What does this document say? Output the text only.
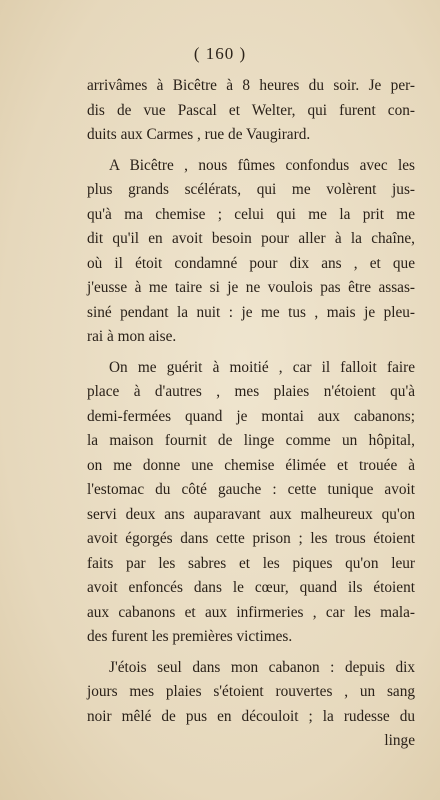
( 160 )
arrivâmes à Bicêtre à 8 heures du soir. Je per-
dis de vue Pascal et Welter, qui furent con-
duits aux Carmes , rue de Vaugirard.
A Bicêtre , nous fûmes confondus avec les
plus grands scélérats, qui me volèrent jus-
qu'à ma chemise ; celui qui me la prit me
dit qu'il en avoit besoin pour aller à la chaîne,
où il étoit condamné pour dix ans , et que
j'eusse à me taire si je ne voulois pas être assas-
siné pendant la nuit : je me tus , mais je pleu-
rai à mon aise.
On me guérit à moitié , car il falloit faire
place à d'autres , mes plaies n'étoient qu'à
demi-fermées quand je montai aux cabanons;
la maison fournit de linge comme un hôpital,
on me donne une chemise élimée et trouée à
l'estomac du côté gauche : cette tunique avoit
servi deux ans auparavant aux malheureux qu'on
avoit égorgés dans cette prison ; les trous étoient
faits par les sabres et les piques qu'on leur
avoit enfoncés dans le cœur, quand ils étoient
aux cabanons et aux infirmeries , car les mala-
des furent les premières victimes.
J'étois seul dans mon cabanon : depuis dix
jours mes plaies s'étoient rouvertes , un sang
noir mêlé de pus en découloit ; la rudesse du
linge
